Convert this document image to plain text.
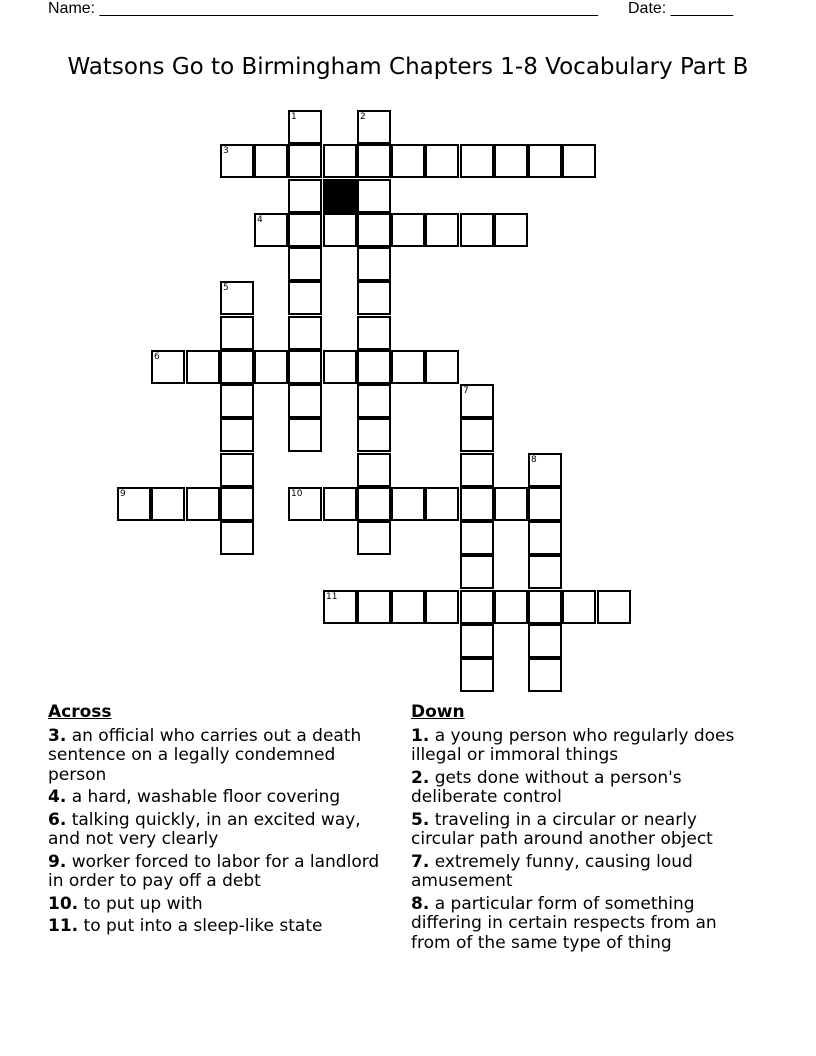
Name: ________________________________________________________ Date: _______
Watsons Go to Birmingham Chapters 1-8 Vocabulary Part B
1	2
3
4
5
6
7
8
9	10
11
Across
3. an official who carries out a death sentence on a legally condemned person
4. a hard, washable floor covering
6. talking quickly, in an excited way, and not very clearly
9. worker forced to labor for a landlord in order to pay off a debt
10. to put up with
11. to put into a sleep-like state
Down
1. a young person who regularly does illegal or immoral things
2. gets done without a person's deliberate control
5. traveling in a circular or nearly circular path around another object
7. extremely funny, causing loud amusement
8. a particular form of something differing in certain respects from an from of the same type of thing
